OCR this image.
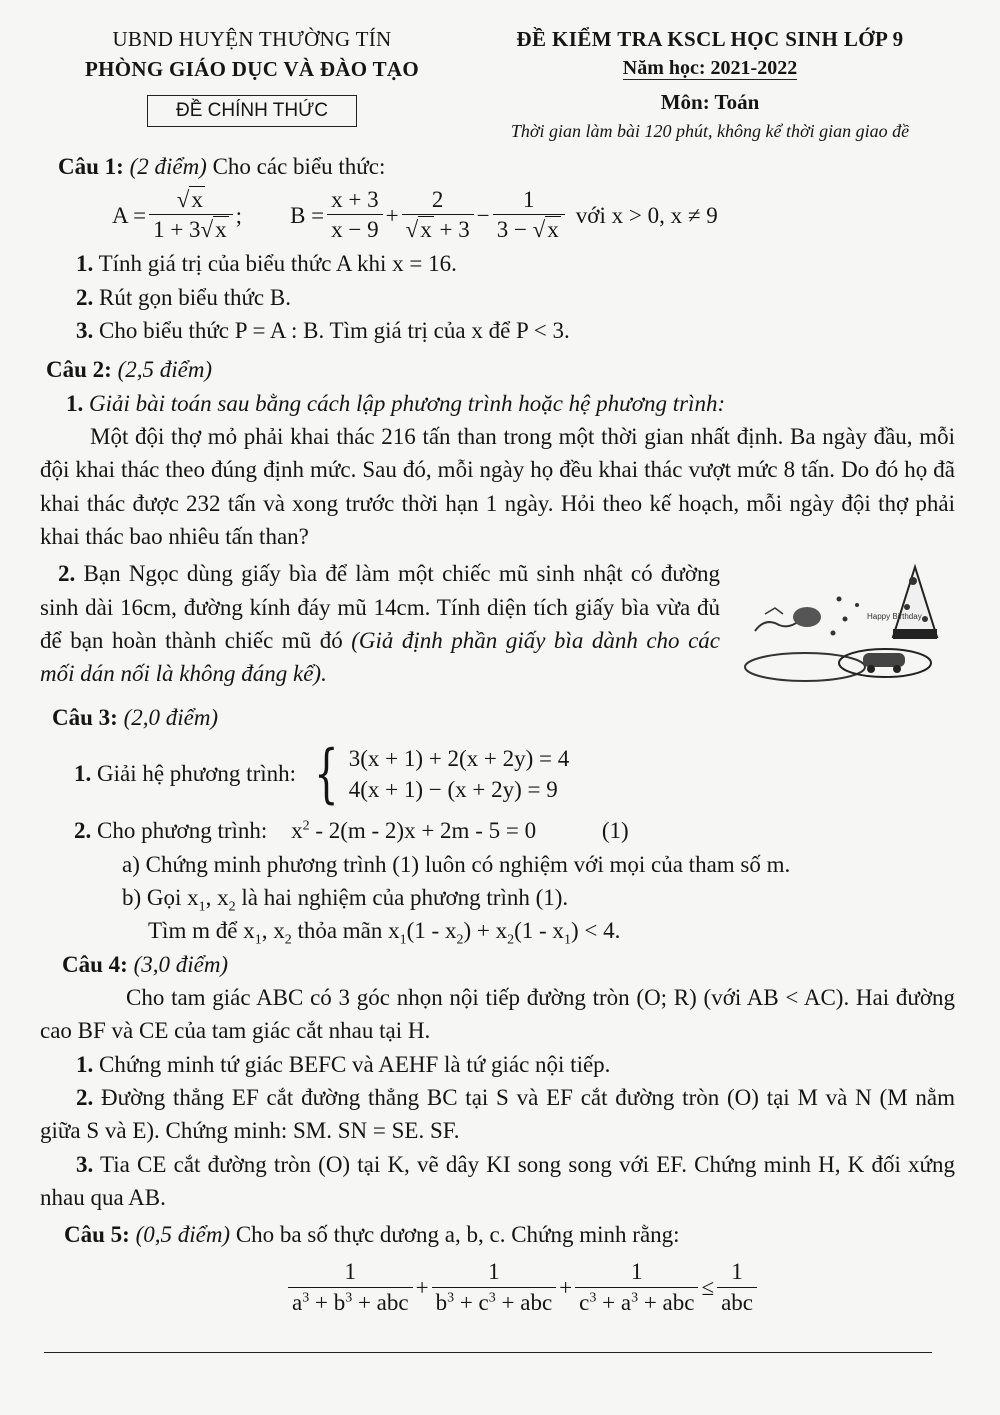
UBND HUYỆN THƯỜNG TÍN
PHÒNG GIÁO DỤC VÀ ĐÀO TẠO
ĐỀ CHÍNH THỨC
ĐỀ KIỂM TRA KSCL HỌC SINH LỚP 9
Năm học: 2021-2022
Môn: Toán
Thời gian làm bài 120 phút, không kể thời gian giao đề
Câu 1: (2 điểm) Cho các biểu thức:
$A = \frac{√x}{1 + 3√x}$ ; $B = \frac{x + 3}{x - 9} + \frac{2}{√x + 3} - \frac{1}{3 - √x}$ với x > 0, x ≠ 9
1. Tính giá trị của biểu thức A khi x = 16.
2. Rút gọn biểu thức B.
3. Cho biểu thức P = A : B. Tìm giá trị của x để P < 3.
Câu 2: (2,5 điểm)
1. Giải bài toán sau bằng cách lập phương trình hoặc hệ phương trình:
Một đội thợ mỏ phải khai thác 216 tấn than trong một thời gian nhất định. Ba ngày đầu, mỗi đội khai thác theo đúng định mức. Sau đó, mỗi ngày họ đều khai thác vượt mức 8 tấn. Do đó họ đã khai thác được 232 tấn và xong trước thời hạn 1 ngày. Hỏi theo kế hoạch, mỗi ngày đội thợ phải khai thác bao nhiêu tấn than?
2. Bạn Ngọc dùng giấy bìa để làm một chiếc mũ sinh nhật có đường sinh dài 16cm, đường kính đáy mũ 14cm. Tính diện tích giấy bìa vừa đủ để bạn hoàn thành chiếc mũ đó (Giả định phần giấy bìa dành cho các mối dán nối là không đáng kể).
Happy Birthday
Câu 3: (2,0 điểm)
1.
Giải hệ phương trình: { 3(x + 1) + 2(x + 2y) = 4
4(x + 1) − (x + 2y) = 9
2. Cho phương trình: $x^2 - 2(m - 2)x + 2m - 5 = 0$	(1)
a) Chứng minh phương trình (1) luôn có nghiệm với mọi của tham số m.
b) Gọi $x_1$, $x_2$ là hai nghiệm của phương trình (1).
Tìm m để $x_1$, $x_2$ thỏa mãn $x_1(1 - x_2) + x_2(1 - x_1) < 4$.
Câu 4: (3,0 điểm)
Cho tam giác ABC có 3 góc nhọn nội tiếp đường tròn (O; R) (với AB < AC). Hai đường cao BF và CE của tam giác cắt nhau tại H.
1. Chứng minh tứ giác BEFC và AEHF là tứ giác nội tiếp.
2. Đường thẳng EF cắt đường thẳng BC tại S và EF cắt đường tròn (O) tại M và N (M nằm giữa S và E). Chứng minh: SM. SN = SE. SF.
3. Tia CE cắt đường tròn (O) tại K, vẽ dây KI song song với EF. Chứng minh H, K đối xứng nhau qua AB.
Câu 5: (0,5 điểm) Cho ba số thực dương a, b, c. Chứng minh rằng:
$\frac{1}{a^3 + b^3 + abc} + \frac{1}{b^3 + c^3 + abc} + \frac{1}{c^3 + a^3 + abc} \le \frac{1}{\text{abc}}$
